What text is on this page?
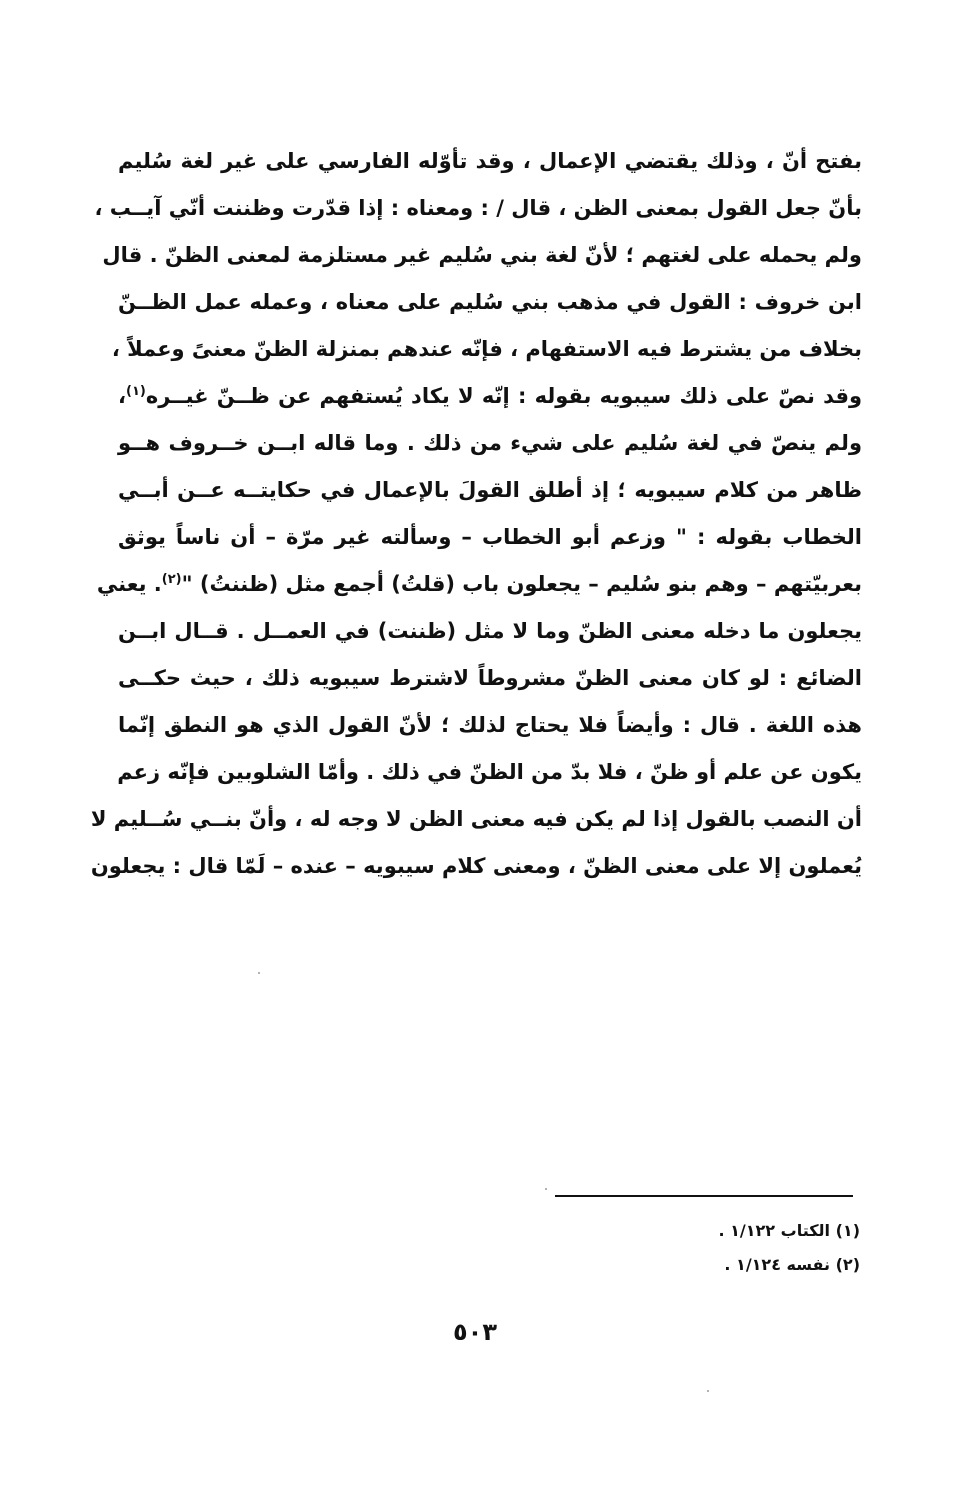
بفتح أنّ ، وذلك يقتضي الإعمال ، وقد تأوّله الفارسي على غير لغة سُليم
بأنّ جعل القول بمعنى الظن ، قال / : ومعناه : إذا قدّرت وظننت أنّي آيــب ،
ولم يحمله على لغتهم ؛ لأنّ لغة بني سُليم غير مستلزمة لمعنى الظنّ . قال
ابن خروف : القول في مذهب بني سُليم على معناه ، وعمله عمل الظــنّ
بخلاف من يشترط فيه الاستفهام ، فإنّه عندهم بمنزلة الظنّ معنىً وعملاً ،
وقد نصّ على ذلك سيبويه بقوله : إنّه لا يكاد يُستفهم عن ظــنّ غيــره$^{(١)}$،
ولم ينصّ في لغة سُليم على شيء من ذلك . وما قاله ابــن خــروف هــو
ظاهر من كلام سيبويه ؛ إذ أطلق القولَ بالإعمال في حكايتــه عــن أبــي
الخطاب بقوله : " وزعم أبو الخطاب – وسألته غير مرّة – أن ناساً يوثق
بعربيّتهم – وهم بنو سُليم – يجعلون باب (قلتُ) أجمع مثل (ظننتُ) "$^{(٢)}$. يعني
يجعلون ما دخله معنى الظنّ وما لا مثل (ظننت) في العمــل . قــال ابــن
الضائع : لو كان معنى الظنّ مشروطاً لاشترط سيبويه ذلك ، حيث حكــى
هذه اللغة . قال : وأيضاً فلا يحتاج لذلك ؛ لأنّ القول الذي هو النطق إنّما
يكون عن علم أو ظنّ ، فلا بدّ من الظنّ في ذلك . وأمّا الشلوبين فإنّه زعم
أن النصب بالقول إذا لم يكن فيه معنى الظن لا وجه له ، وأنّ بنــي سُــليم لا
يُعملون إلا على معنى الظنّ ، ومعنى كلام سيبويه – عنده – لَمّا قال : يجعلون
(١) الكتاب ١/١٢٢ .
(٢) نفسه ١/١٢٤ .
٥٠٣
